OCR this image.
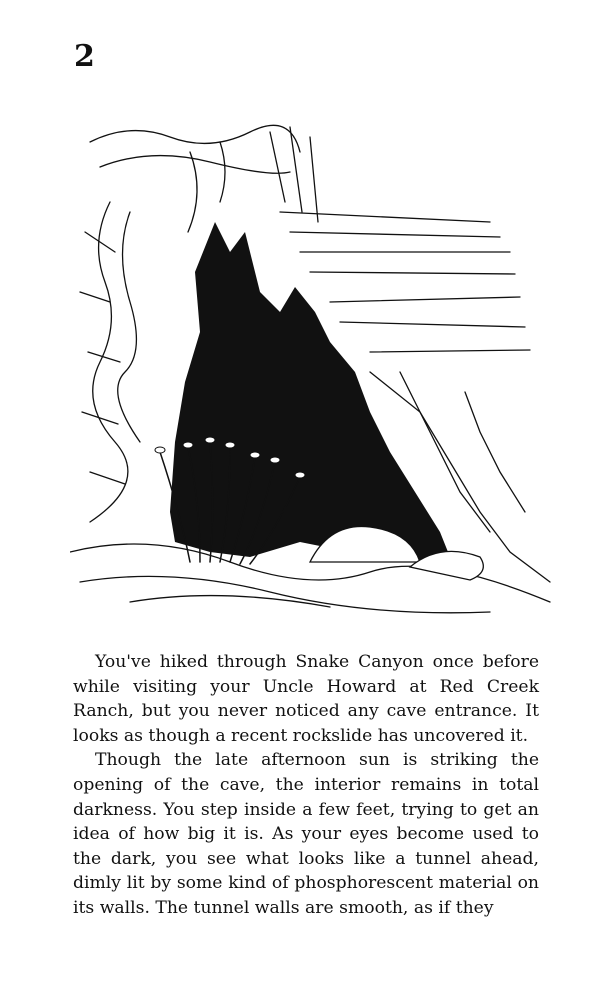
2

You've hiked through Snake Canyon once before while visiting your Uncle Howard at Red Creek Ranch, but you never noticed any cave entrance. It looks as though a recent rockslide has uncovered it.

Though the late afternoon sun is striking the opening of the cave, the interior remains in total darkness. You step inside a few feet, trying to get an idea of how big it is. As your eyes become used to the dark, you see what looks like a tunnel ahead, dimly lit by some kind of phosphorescent material on its walls. The tunnel walls are smooth, as if they
